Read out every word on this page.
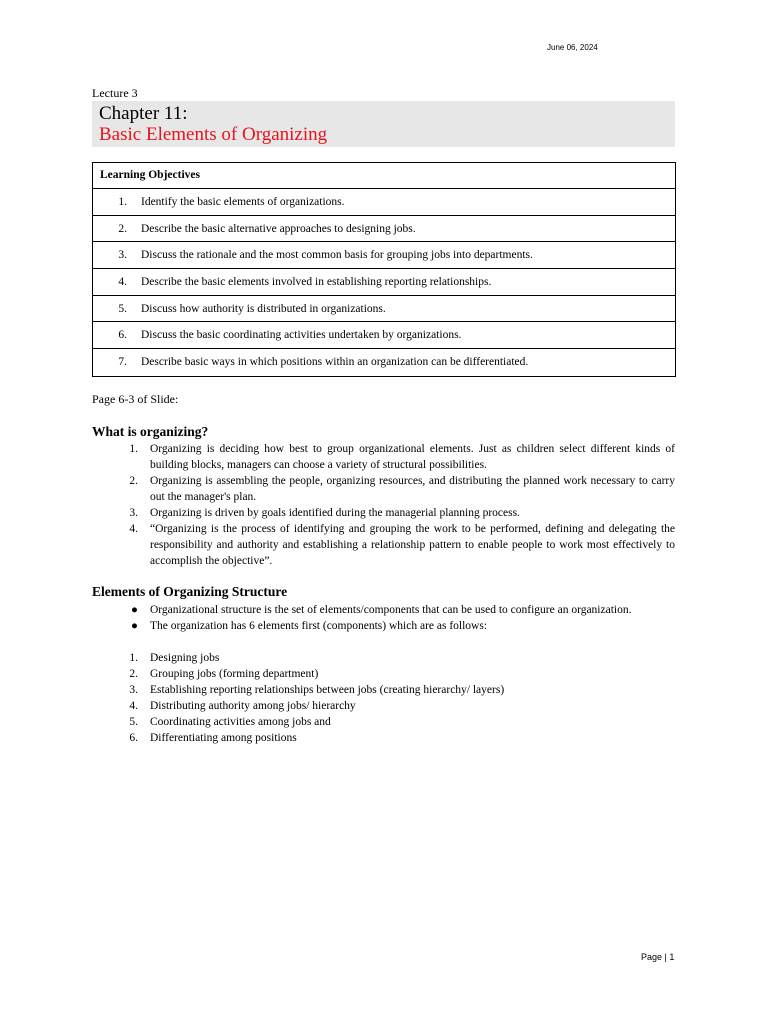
June 06, 2024
Lecture 3
Chapter 11:
Basic Elements of Organizing
Learning Objectives
1.	Identify the basic elements of organizations.
2.	Describe the basic alternative approaches to designing jobs.
3.	Discuss the rationale and the most common basis for grouping jobs into departments.
4.	Describe the basic elements involved in establishing reporting relationships.
5.	Discuss how authority is distributed in organizations.
6.	Discuss the basic coordinating activities undertaken by organizations.
7.	Describe basic ways in which positions within an organization can be differentiated.
Page 6-3 of Slide:
What is organizing?
1.	Organizing is deciding how best to group organizational elements. Just as children select different kinds of building blocks, managers can choose a variety of structural possibilities.
2.	Organizing is assembling the people, organizing resources, and distributing the planned work necessary to carry out the manager's plan.
3.	Organizing is driven by goals identified during the managerial planning process.
4.	“Organizing is the process of identifying and grouping the work to be performed, defining and delegating the responsibility and authority and establishing a relationship pattern to enable people to work most effectively to accomplish the objective”.
Elements of Organizing Structure
●	Organizational structure is the set of elements/components that can be used to configure an organization.
●	The organization has 6 elements first (components) which are as follows:
1.	Designing jobs
2.	Grouping jobs (forming department)
3.	Establishing reporting relationships between jobs (creating hierarchy/ layers)
4.	Distributing authority among jobs/ hierarchy
5.	Coordinating activities among jobs and
6.	Differentiating among positions
Page | 1
